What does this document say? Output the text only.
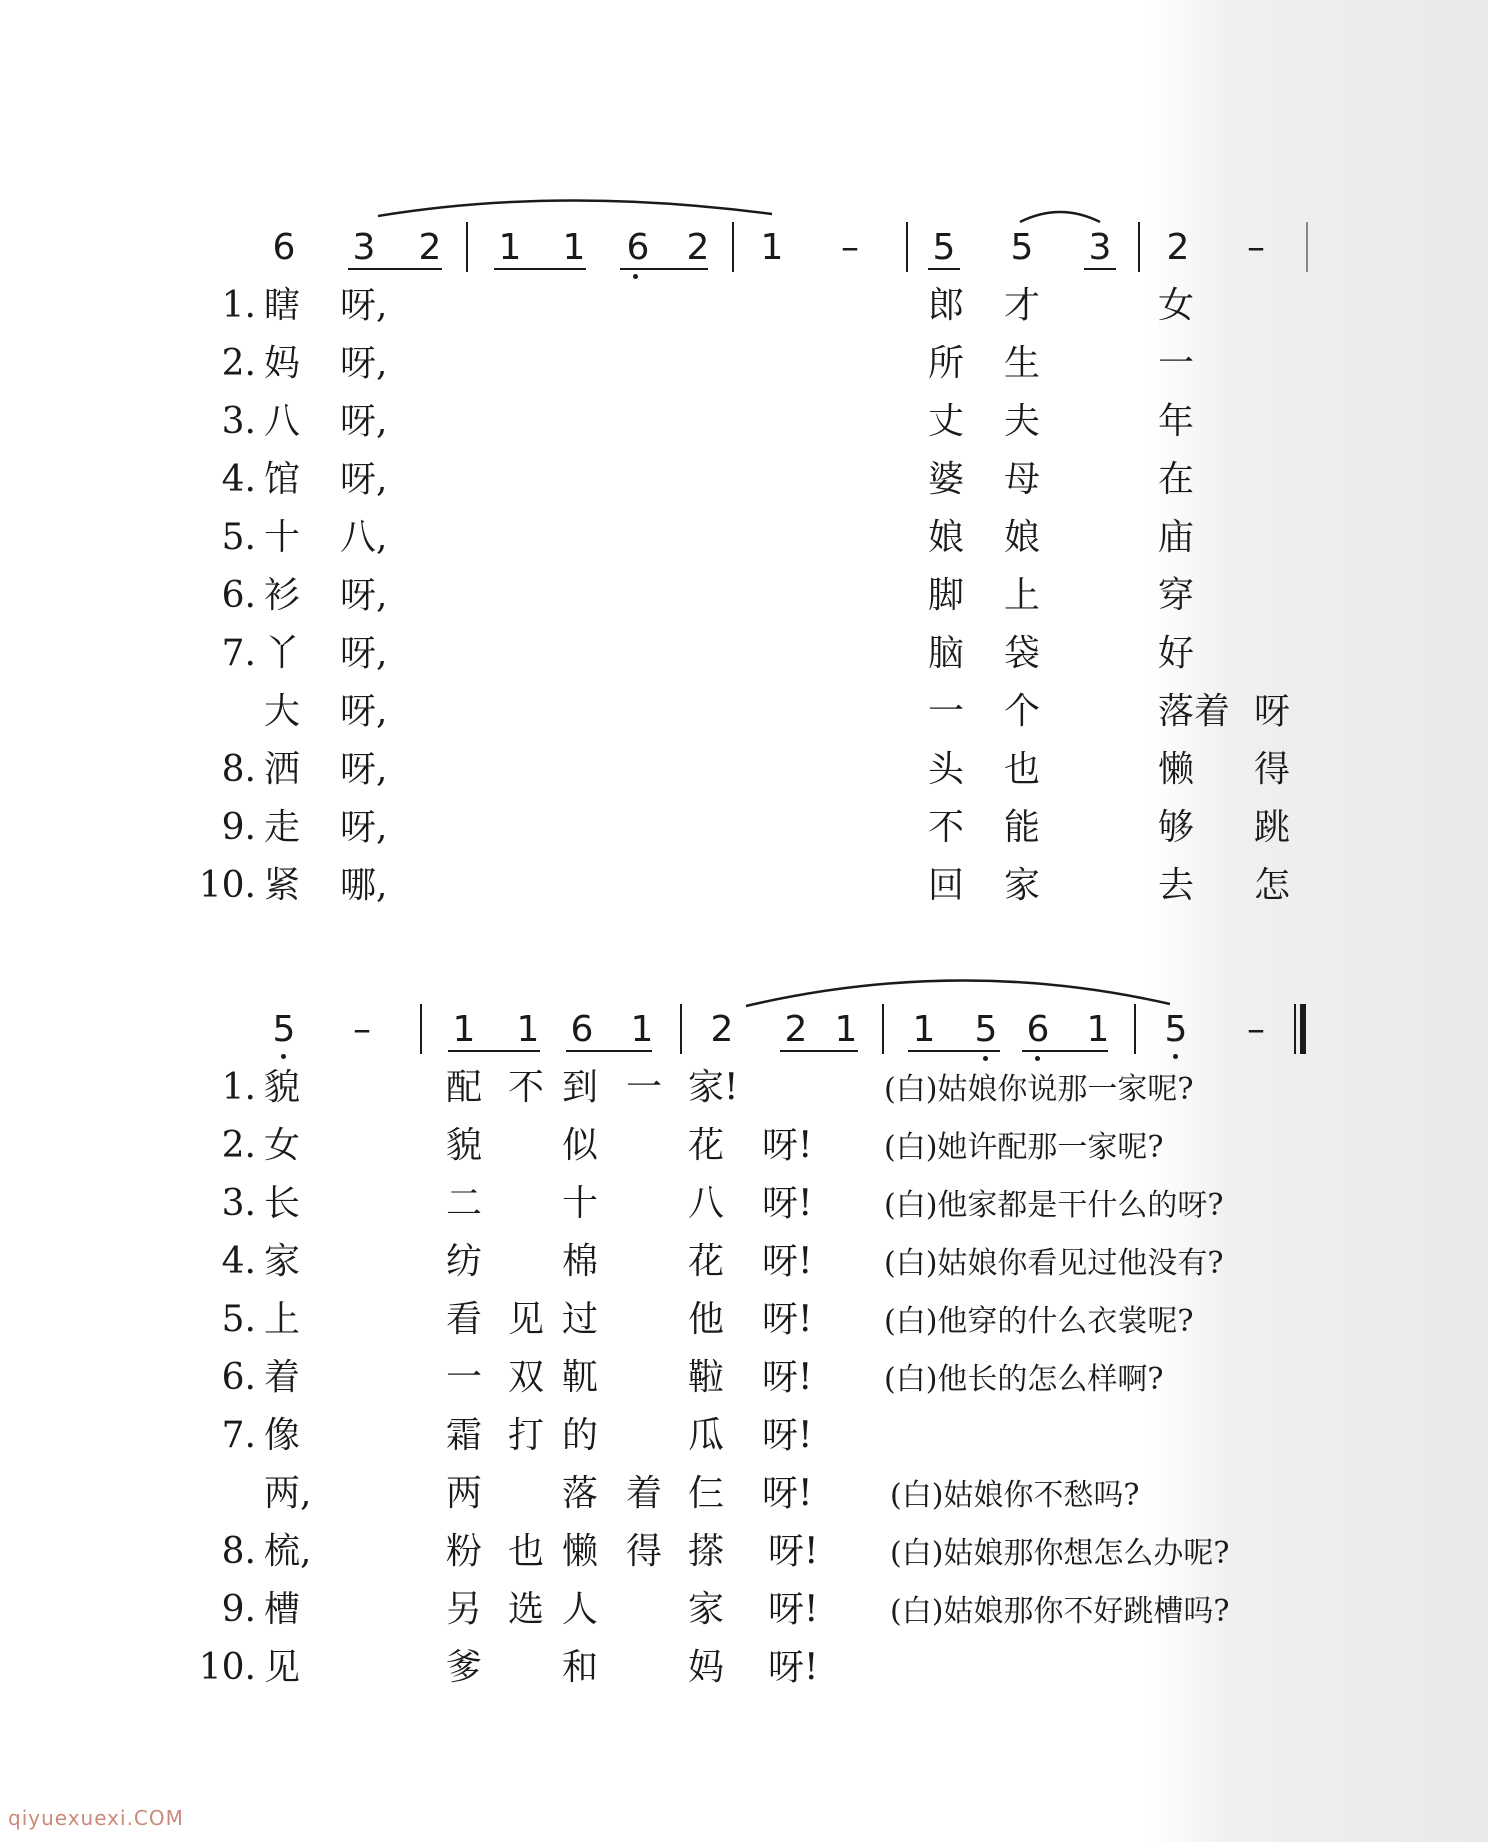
6 3 2 1 1 6 2 1	–	5 5 3 2	–
1. 瞎 呀,	郎 才	女
2. 妈 呀,	所 生	一
3. 八 呀,	丈 夫	年
4. 馆 呀,	婆 母	在
5. 十 八,	娘 娘	庙
6. 衫 呀,	脚 上	穿
7. 丫 呀,	脑 袋	好
大 呀,	一 个	落着 呀
8. 洒 呀,	头 也	懒 得
9. 走 呀,	不 能	够 跳
10. 紧 哪,	回 家	去 怎
5	–	1 1 6 1 2 2 1 1 5 6 1 5	–
1. 貌	配 不 到 一 家!	(白)姑娘你说那一家呢?
2. 女	貌 似 花 呀! (白)她许配那一家呢?
3. 长	二 十 八 呀! (白)他家都是干什么的呀?
4. 家	纺 棉 花 呀! (白)姑娘你看见过他没有?
5. 上	看 见 过 他 呀! (白)他穿的什么衣裳呢?
6. 着	一 双 靰 鞡 呀! (白)他长的怎么样啊?
7. 像	霜 打 的 瓜 呀!
两,	两 落 着 仨 呀!	(白)姑娘你不愁吗?
8. 梳,	粉 也 懒 得 搽 呀! (白)姑娘那你想怎么办呢?
9. 槽	另 选 人 家 呀! (白)姑娘那你不好跳槽吗?
10. 见	爹 和 妈 呀!
qiyuexuexi.COM
